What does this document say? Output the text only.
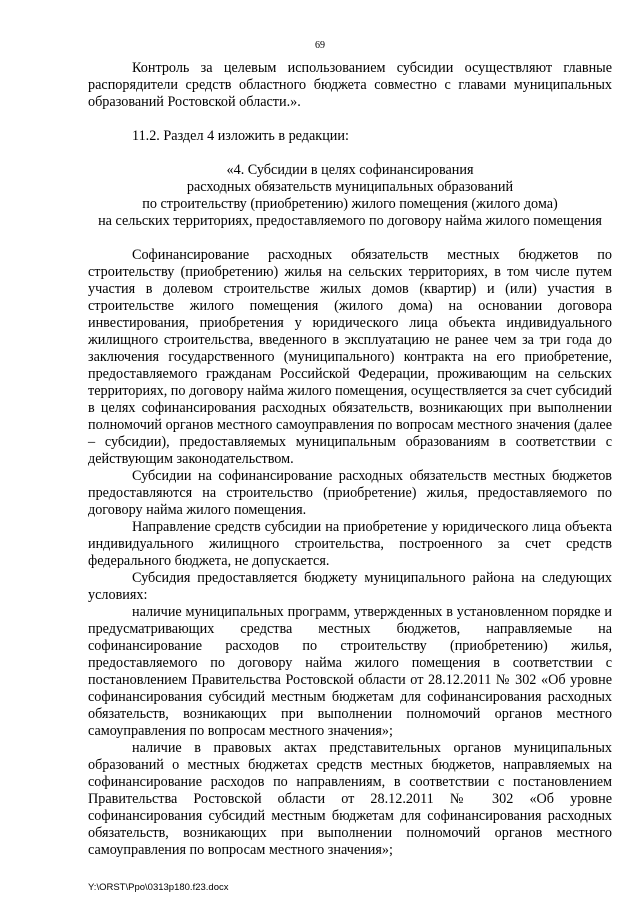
69

Контроль за целевым использованием субсидии осуществляют главные распорядители средств областного бюджета совместно с главами муниципальных образований Ростовской области.».

11.2. Раздел 4 изложить в редакции:

«4. Субсидии в целях софинансирования

расходных обязательств муниципальных образований

по строительству (приобретению) жилого помещения (жилого дома)

на сельских территориях, предоставляемого по договору найма жилого помещения

Софинансирование расходных обязательств местных бюджетов по строительству (приобретению) жилья на сельских территориях, в том числе путем участия в долевом строительстве жилых домов (квартир) и (или) участия в строительстве жилого помещения (жилого дома) на основании договора инвестирования, приобретения у юридического лица объекта индивидуального жилищного строительства, введенного в эксплуатацию не ранее чем за три года до заключения государственного (муниципального) контракта на его приобретение, предоставляемого гражданам Российской Федерации, проживающим на сельских территориях, по договору найма жилого помещения, осуществляется за счет субсидий в целях софинансирования расходных обязательств, возникающих при выполнении полномочий органов местного самоуправления по вопросам местного значения (далее – субсидии), предоставляемых муниципальным образованиям в соответствии с действующим законодательством.

Субсидии на софинансирование расходных обязательств местных бюджетов предоставляются на строительство (приобретение) жилья, предоставляемого по договору найма жилого помещения.

Направление средств субсидии на приобретение у юридического лица объекта индивидуального жилищного строительства, построенного за счет средств федерального бюджета, не допускается.

Субсидия предоставляется бюджету муниципального района на следующих условиях:

наличие муниципальных программ, утвержденных в установленном порядке и предусматривающих средства местных бюджетов, направляемые на софинансирование расходов по строительству (приобретению) жилья, предоставляемого по договору найма жилого помещения в соответствии с постановлением Правительства Ростовской области от 28.12.2011 № 302 «Об уровне софинансирования субсидий местным бюджетам для софинансирования расходных обязательств, возникающих при выполнении полномочий органов местного самоуправления по вопросам местного значения»;

наличие в правовых актах представительных органов муниципальных образований о местных бюджетах средств местных бюджетов, направляемых на софинансирование расходов по направлениям, в соответствии с постановлением Правительства Ростовской области от 28.12.2011 № 302 «Об уровне софинансирования субсидий местным бюджетам для софинансирования расходных обязательств, возникающих при выполнении полномочий органов местного самоуправления по вопросам местного значения»;

Y:\ORST\Ppo\0313p180.f23.docx
